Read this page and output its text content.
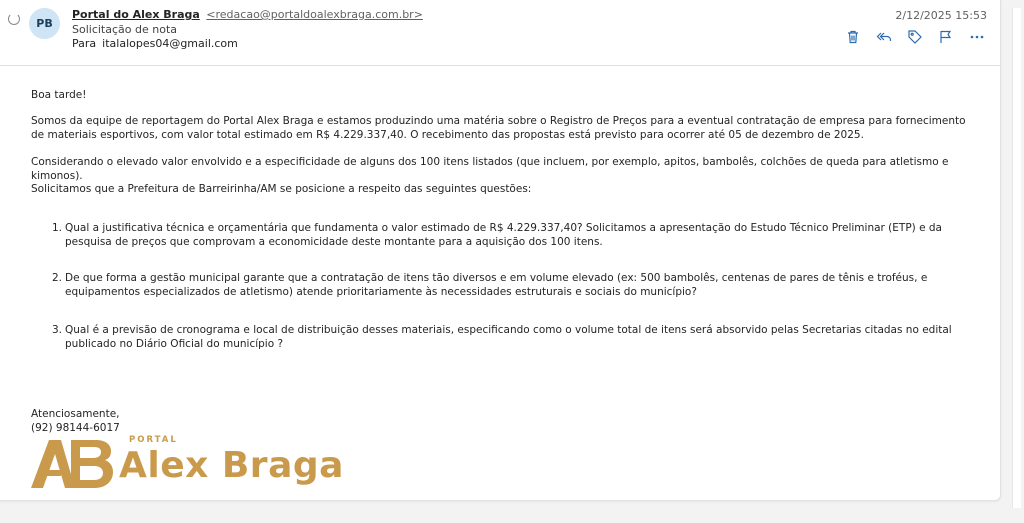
PB
Portal do Alex Braga <redacao@portaldoalexbraga.com.br>
Solicitação de nota
Para italalopes04@gmail.com
2/12/2025 15:53

Boa tarde!

Somos da equipe de reportagem do Portal Alex Braga e estamos produzindo uma matéria sobre o Registro de Preços para a eventual contratação de empresa para fornecimento de materiais esportivos, com valor total estimado em R$ 4.229.337,40. O recebimento das propostas está previsto para ocorrer até 05 de dezembro de 2025.

Considerando o elevado valor envolvido e a especificidade de alguns dos 100 itens listados (que incluem, por exemplo, apitos, bambolês, colchões de queda para atletismo e kimonos).

Solicitamos que a Prefeitura de Barreirinha/AM se posicione a respeito das seguintes questões:

1. Qual a justificativa técnica e orçamentária que fundamenta o valor estimado de R$ 4.229.337,40? Solicitamos a apresentação do Estudo Técnico Preliminar (ETP) e da pesquisa de preços que comprovam a economicidade deste montante para a aquisição dos 100 itens.
2. De que forma a gestão municipal garante que a contratação de itens tão diversos e em volume elevado (ex: 500 bambolês, centenas de pares de tênis e troféus, e equipamentos especializados de atletismo) atende prioritariamente às necessidades estruturais e sociais do município?
3. Qual é a previsão de cronograma e local de distribuição desses materiais, especificando como o volume total de itens será absorvido pelas Secretarias citadas no edital publicado no Diário Oficial do município ?

Atenciosamente,

(92) 98144-6017

PORTAL
Alex Braga
